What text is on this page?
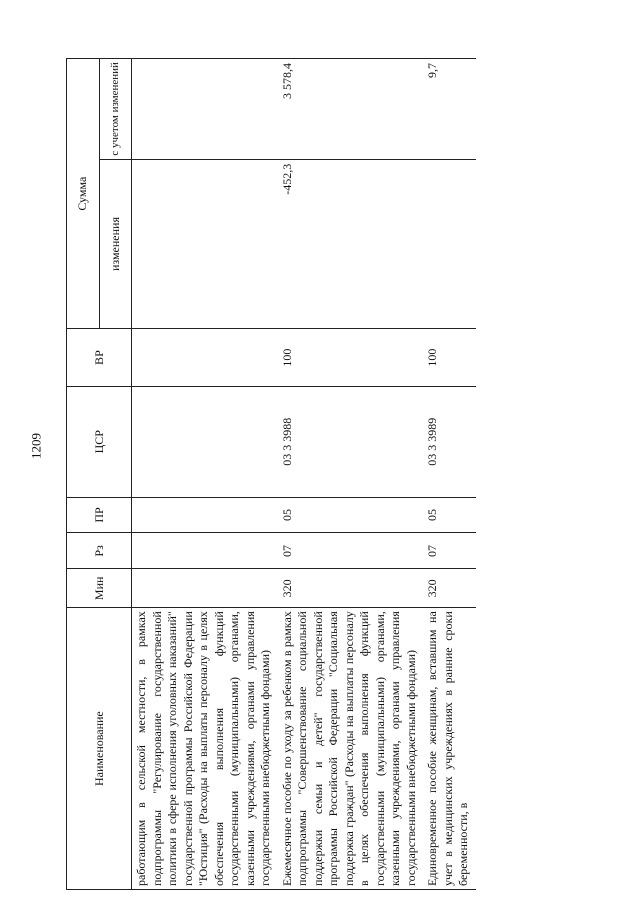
1209
Наименование	Мин	Рз	ПР	ЦСР	ВР	Сумма	
						изменения	с учетом изменений
работающим в сельской местности, в рамках подпрограммы "Регулирование государственной политики в сфере исполнения уголовных наказаний" государственной программы Российской Федерации "Юстиция" (Расходы на выплаты персоналу в целях обеспечения выполнения функций государственными (муниципальными) органами, казенными учреждениями, органами управления государственными внебюджетными фондами)							
Ежемесячное пособие по уходу за ребенком в рамках подпрограммы "Совершенствование социальной поддержки семьи и детей" государственной программы Российской Федерации "Социальная поддержка граждан" (Расходы на выплаты персоналу в целях обеспечения выполнения функций государственными (муниципальными) органами, казенными учреждениями, органами управления государственными внебюджетными фондами)	320	07	05	03 3 3988	100	-452,3	3 578,4
Единовременное пособие женщинам, вставшим на учет в медицинских учреждениях в ранние сроки беременности, в	320	07	05	03 3 3989	100		9,7
